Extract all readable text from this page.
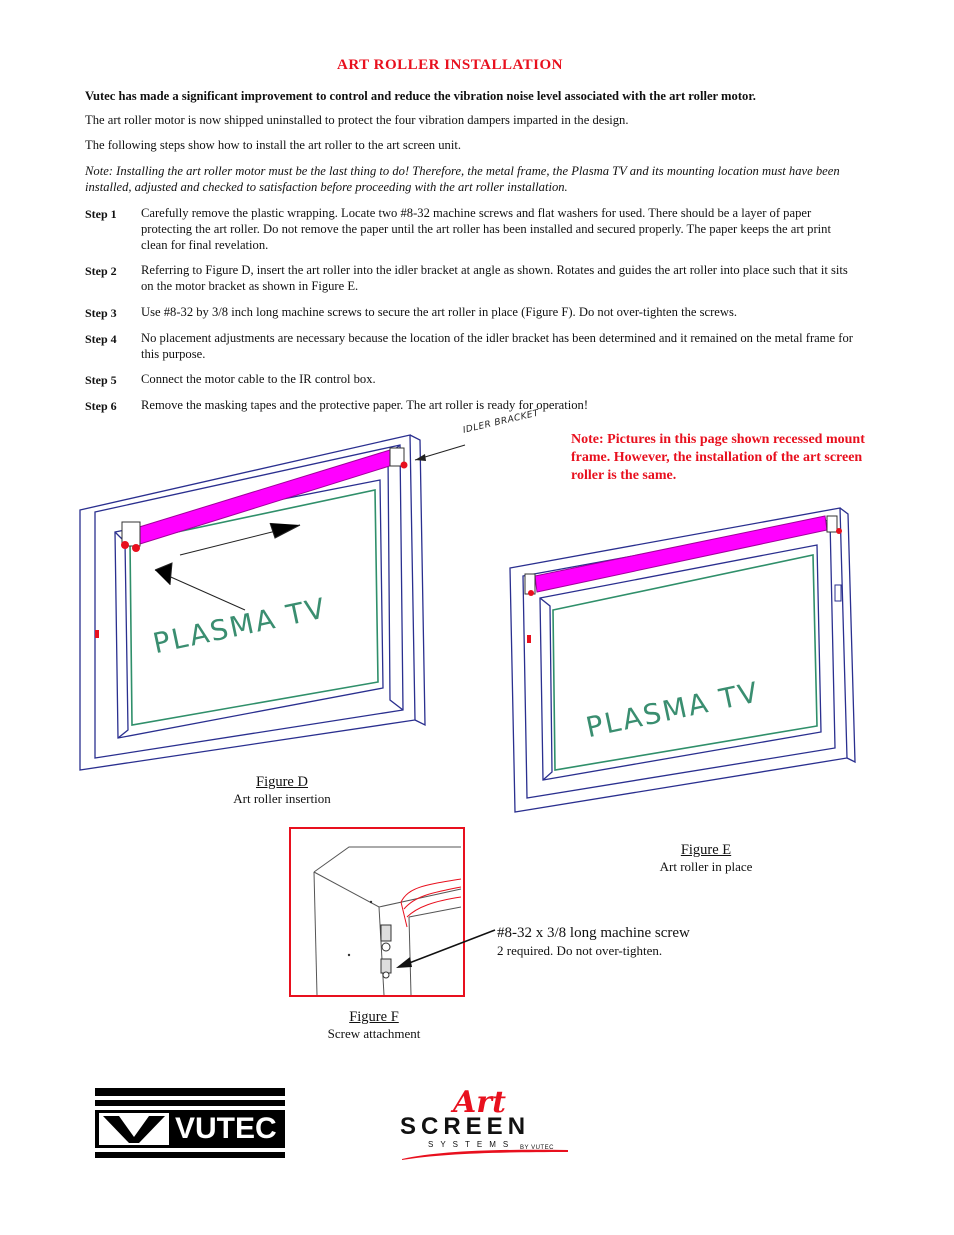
ART ROLLER INSTALLATION
Vutec has made a significant improvement to control and reduce the vibration noise level associated with the art roller motor.
The art roller motor is now shipped uninstalled to protect the four vibration dampers imparted in the design.
The following steps show how to install the art roller to the art screen unit.
Note: Installing the art roller motor must be the last thing to do! Therefore, the metal frame, the Plasma TV and its mounting location must have been installed, adjusted and checked to satisfaction before proceeding with the art roller installation.
Step 1	Carefully remove the plastic wrapping. Locate two #8-32 machine screws and flat washers for used. There should be a layer of paper protecting the art roller. Do not remove the paper until the art roller has been installed and secured properly. The paper keeps the art print clean for final revelation.
Step 2	Referring to Figure D, insert the art roller into the idler bracket at angle as shown. Rotates and guides the art roller into place such that it sits on the motor bracket as shown in Figure E.
Step 3	Use #8-32 by 3/8 inch long machine screws to secure the art roller in place (Figure F). Do not over-tighten the screws.
Step 4	No placement adjustments are necessary because the location of the idler bracket has been determined and it remained on the metal frame for this purpose.
Step 5	Connect the motor cable to the IR control box.
Step 6	Remove the masking tapes and the protective paper. The art roller is ready for operation!
Note: Pictures in this page shown recessed mount frame. However, the installation of the art screen roller is the same.
IDLER BRACKET
PLASMA TV
PLASMA TV
Figure D
Art roller insertion
Figure E
Art roller in place
#8-32 x 3/8 long machine screw
2 required. Do not over-tighten.
Figure F
Screw attachment
VUTEC
Art
SCREEN
SYSTEMS BY VUTEC
